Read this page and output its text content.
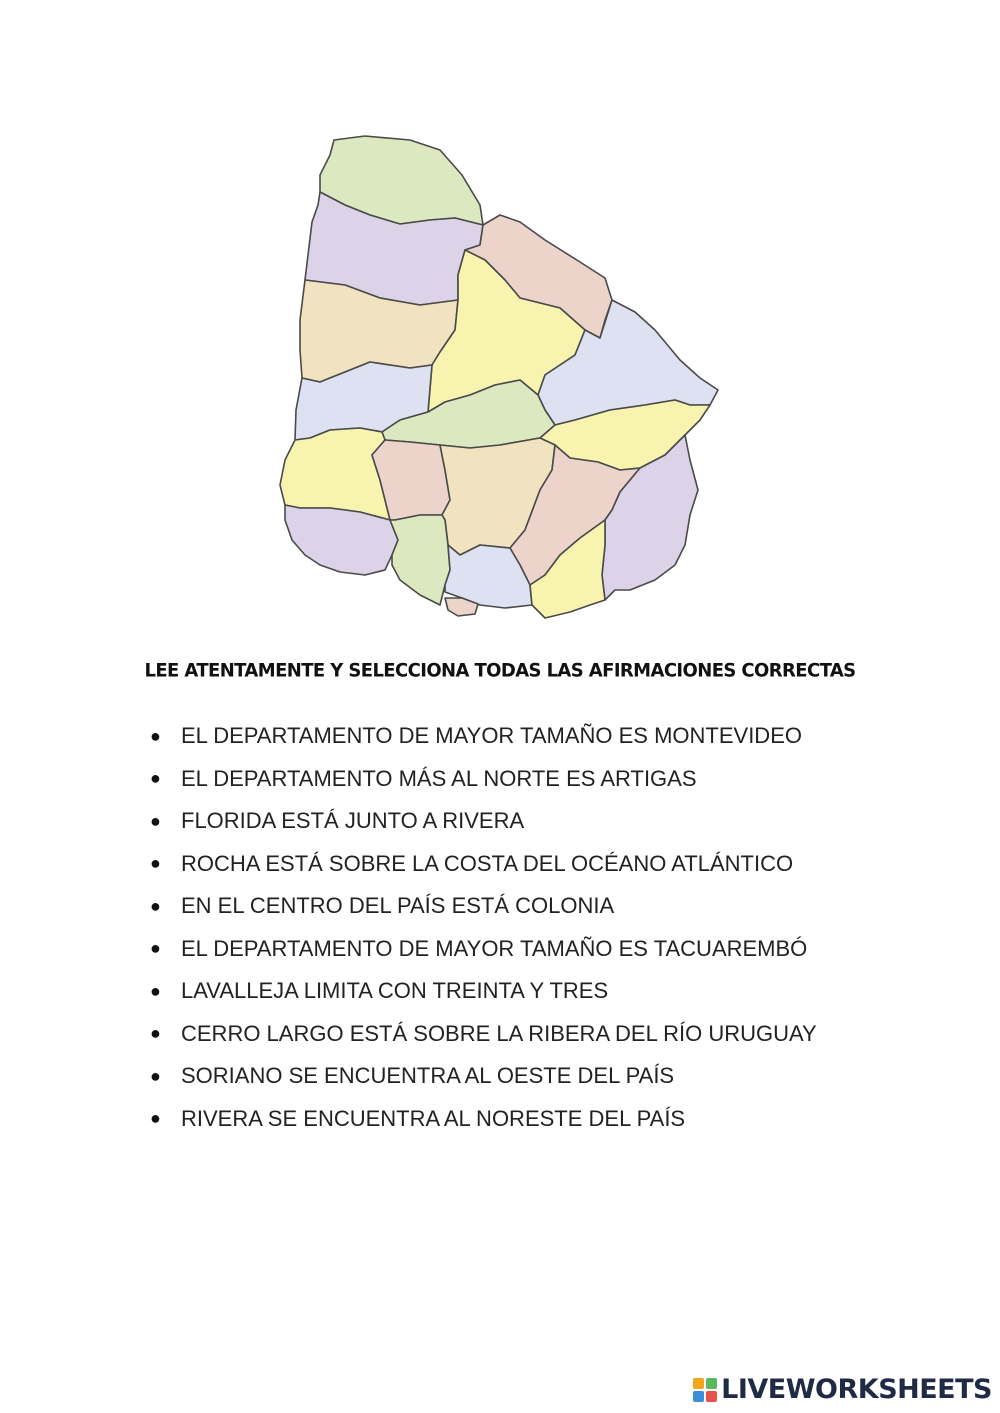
LEE ATENTAMENTE Y SELECCIONA TODAS LAS AFIRMACIONES CORRECTAS
● EL DEPARTAMENTO DE MAYOR TAMAÑO ES MONTEVIDEO
● EL DEPARTAMENTO MÁS AL NORTE ES ARTIGAS
● FLORIDA ESTÁ JUNTO A RIVERA
● ROCHA ESTÁ SOBRE LA COSTA DEL OCÉANO ATLÁNTICO
● EN EL CENTRO DEL PAÍS ESTÁ COLONIA
● EL DEPARTAMENTO DE MAYOR TAMAÑO ES TACUAREMBÓ
● LAVALLEJA LIMITA CON TREINTA Y TRES
● CERRO LARGO ESTÁ SOBRE LA RIBERA DEL RÍO URUGUAY
● SORIANO SE ENCUENTRA AL OESTE DEL PAÍS
● RIVERA SE ENCUENTRA AL NORESTE DEL PAÍS
LIVEWORKSHEETS
